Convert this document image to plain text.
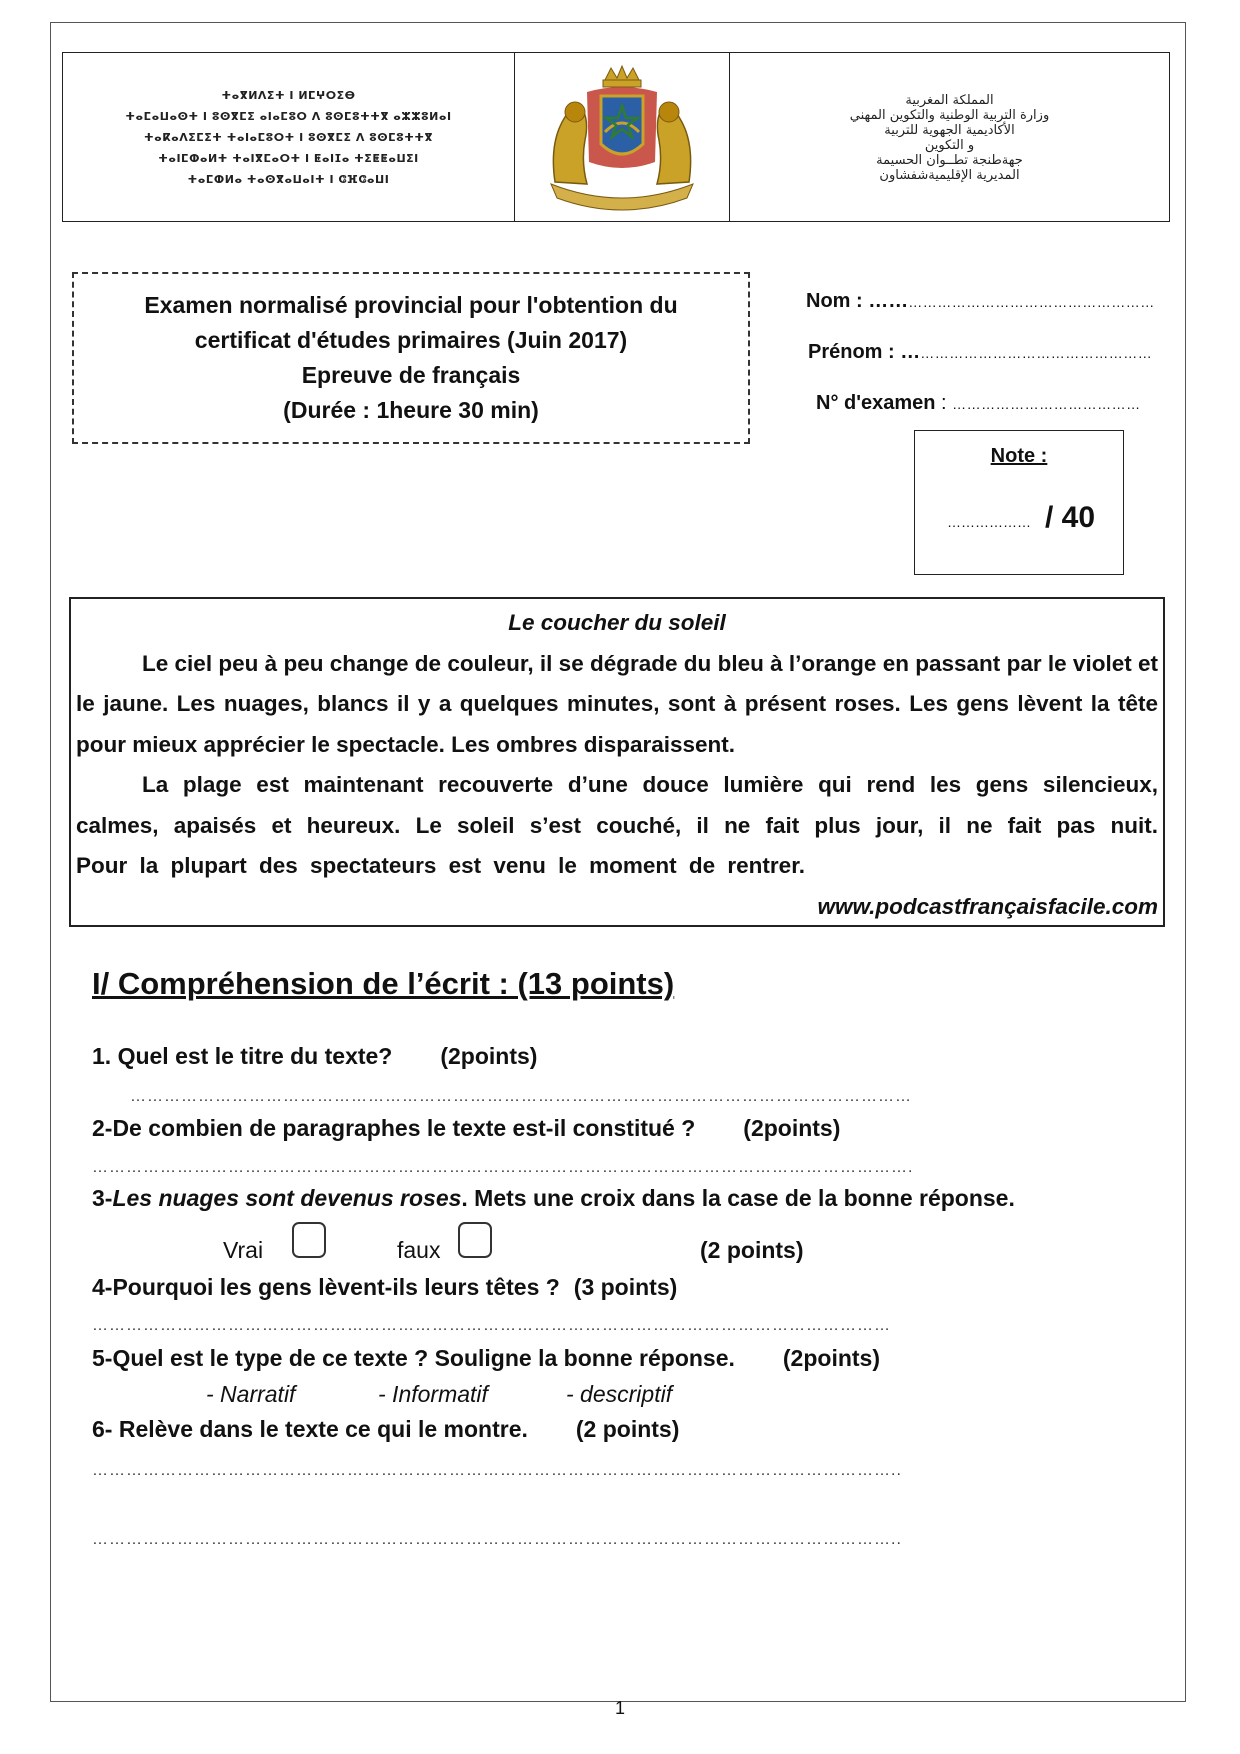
ⵜⴰⴳⵍⴷⵉⵜ ⵏ ⵍⵎⵖⵔⵉⴱ
ⵜⴰⵎⴰⵡⴰⵙⵜ ⵏ ⵓⵙⴳⵎⵉ ⴰⵏⴰⵎⵓⵔ ⴷ ⵓⵙⵎⵓⵜⵜⴳ ⴰⵣⵣⵓⵍⴰⵏ
ⵜⴰⴽⴰⴷⵉⵎⵉⵜ ⵜⴰⵏⴰⵎⵓⵔⵜ ⵏ ⵓⵙⴳⵎⵉ ⴷ ⵓⵙⵎⵓⵜⵜⴳ
ⵜⴰⵏⵎⵀⴰⵍⵜ ⵜⴰⵏⴳⵎⴰⵔⵜ ⵏ ⵟⴰⵏⵊⴰ ⵜⵉⵟⵟⴰⵡⵉⵏ
ⵜⴰⵎⵀⵍⴰ ⵜⴰⵙⴳⴰⵡⴰⵏⵜ ⵏ ⵛⴼⵛⴰⵡⵏ
المملكة المغربية
وزارة التربية الوطنية والتكوين المهني
الأكاديمية الجهوية للتربية
و التكوين
جهةطنجة تطــوان الحسيمة
المديرية الإقليميةشفشاون
Examen normalisé provincial pour l'obtention du
certificat d'études primaires (Juin 2017)
Epreuve de français
(Durée : 1heure 30 min)
Nom : …………………………………………………
Prénom : ……………………………………………
N° d'examen : …………………………………
Note :
……………… / 40
Le coucher du soleil

Le ciel peu à peu change de couleur, il se dégrade du bleu à l’orange en passant par le violet et le jaune. Les nuages, blancs il y a quelques minutes, sont à présent roses. Les gens lèvent la tête pour mieux apprécier le spectacle. Les ombres disparaissent.

La plage est maintenant recouverte d’une douce lumière qui rend les gens silencieux, calmes, apaisés et heureux. Le soleil s’est couché, il ne fait plus jour, il ne fait pas nuit. Pour la plupart des spectateurs est venu le moment de rentrer.

www.podcastfrançaisfacile.com
I/ Compréhension de l’écrit : (13 points)
1. Quel est le titre du texte? (2points)
…………………………………………………………………………………………………………………………
2-De combien de paragraphes le texte est-il constitué ? (2points)
……………………………………………………………………………………………………………………………….
3-Les nuages sont devenus roses. Mets une croix dans la case de la bonne réponse.
Vrai	faux	(2 points)
4-Pourquoi les gens lèvent-ils leurs têtes ? (3 points)
……………………………………………………………………………………………………………………………
5-Quel est le type de ce texte ? Souligne la bonne réponse. (2points)
- Narratif	- Informatif	- descriptif
6- Relève dans le texte ce qui le montre. (2 points)
……………………………………………………………………………………………………………………………..
……………………………………………………………………………………………………………………………..
1
